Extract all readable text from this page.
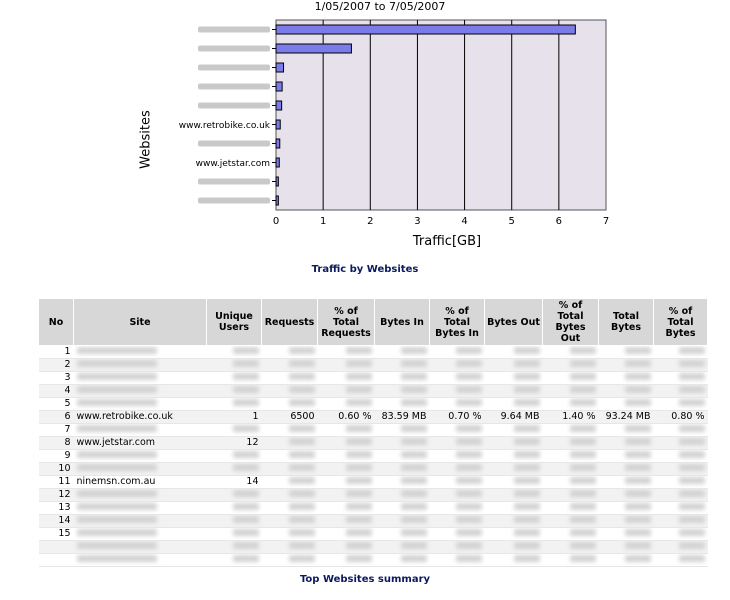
1/05/2007 to 7/05/2007
0	1	2	3	4	5	6	7
www.retrobike.co.uk
www.jetstar.com
Websites
Traffic[GB]
Traffic by Websites
No	Site	Unique Users	Requests	% of Total Requests	Bytes In	% of Total Bytes In	Bytes Out	% of Total Bytes Out	Total Bytes	% of Total Bytes
1										
2										
3										
4										
5										
6	www.retrobike.co.uk	1	6500	0.60 %	83.59 MB	0.70 %	9.64 MB	1.40 %	93.24 MB	0.80 %
7										
8	www.jetstar.com	12								
9										
10										
11	ninemsn.com.au	14								
12										
13										
14										
15										

Top Websites summary
